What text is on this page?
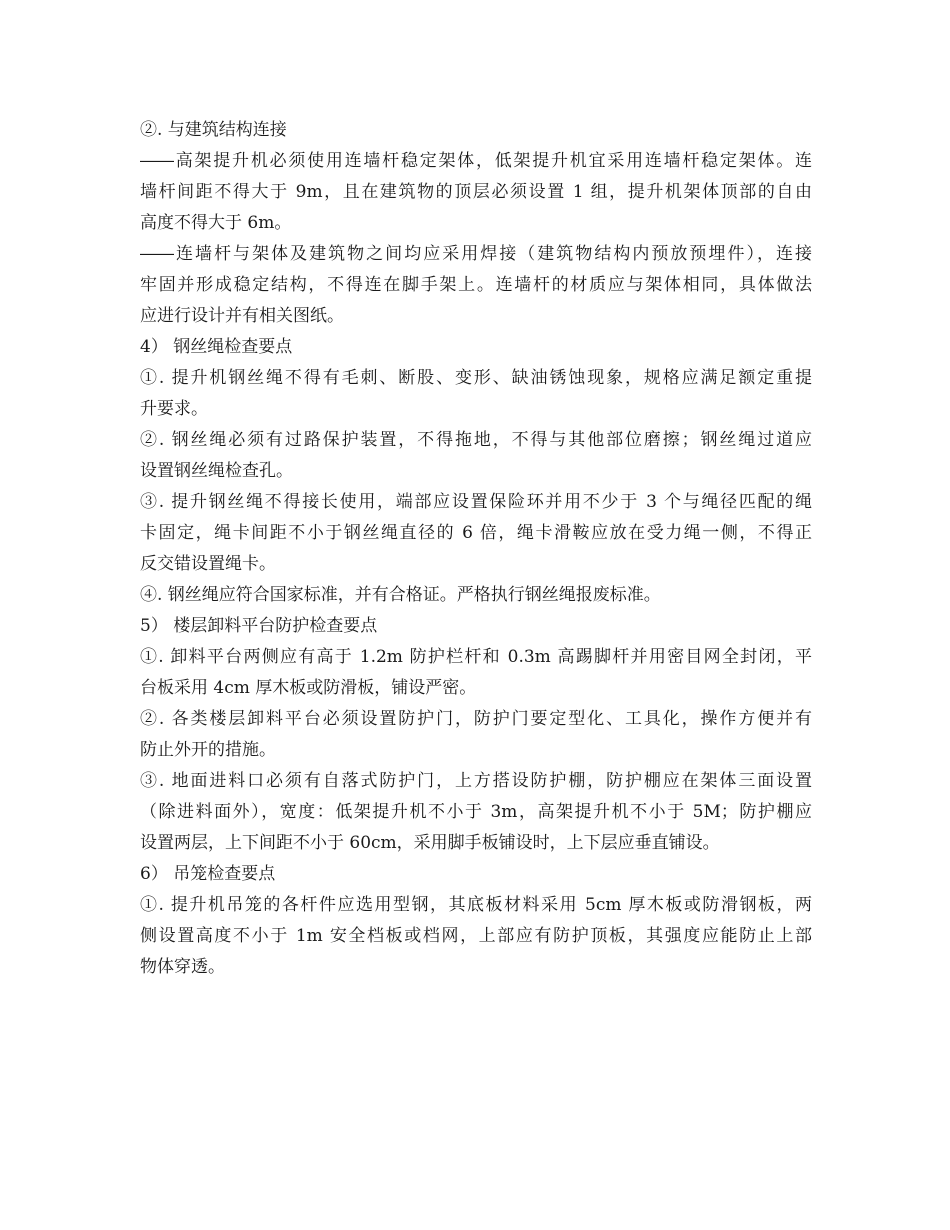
②. 与建筑结构连接

――高架提升机必须使用连墙杆稳定架体，低架提升机宜采用连墙杆稳定架体。连

墙杆间距不得大于 9m，且在建筑物的顶层必须设置 1 组，提升机架体顶部的自由

高度不得大于 6m。

――连墙杆与架体及建筑物之间均应采用焊接（建筑物结构内预放预埋件），连接

牢固并形成稳定结构，不得连在脚手架上。连墙杆的材质应与架体相同，具体做法

应进行设计并有相关图纸。

4） 钢丝绳检查要点

①. 提升机钢丝绳不得有毛刺、断股、变形、缺油锈蚀现象，规格应满足额定重提

升要求。

②. 钢丝绳必须有过路保护装置，不得拖地，不得与其他部位磨擦；钢丝绳过道应

设置钢丝绳检查孔。

③. 提升钢丝绳不得接长使用，端部应设置保险环并用不少于 3 个与绳径匹配的绳

卡固定，绳卡间距不小于钢丝绳直径的 6 倍，绳卡滑鞍应放在受力绳一侧，不得正

反交错设置绳卡。

④. 钢丝绳应符合国家标准，并有合格证。严格执行钢丝绳报废标准。

5） 楼层卸料平台防护检查要点

①. 卸料平台两侧应有高于 1.2m 防护栏杆和 0.3m 高踢脚杆并用密目网全封闭，平

台板采用 4cm 厚木板或防滑板，铺设严密。

②. 各类楼层卸料平台必须设置防护门，防护门要定型化、工具化，操作方便并有

防止外开的措施。

③. 地面进料口必须有自落式防护门，上方搭设防护棚，防护棚应在架体三面设置

（除进料面外），宽度：低架提升机不小于 3m，高架提升机不小于 5M；防护棚应

设置两层，上下间距不小于 60cm，采用脚手板铺设时，上下层应垂直铺设。

6） 吊笼检查要点

①. 提升机吊笼的各杆件应选用型钢，其底板材料采用 5cm 厚木板或防滑钢板，两

侧设置高度不小于 1m 安全档板或档网，上部应有防护顶板，其强度应能防止上部

物体穿透。
